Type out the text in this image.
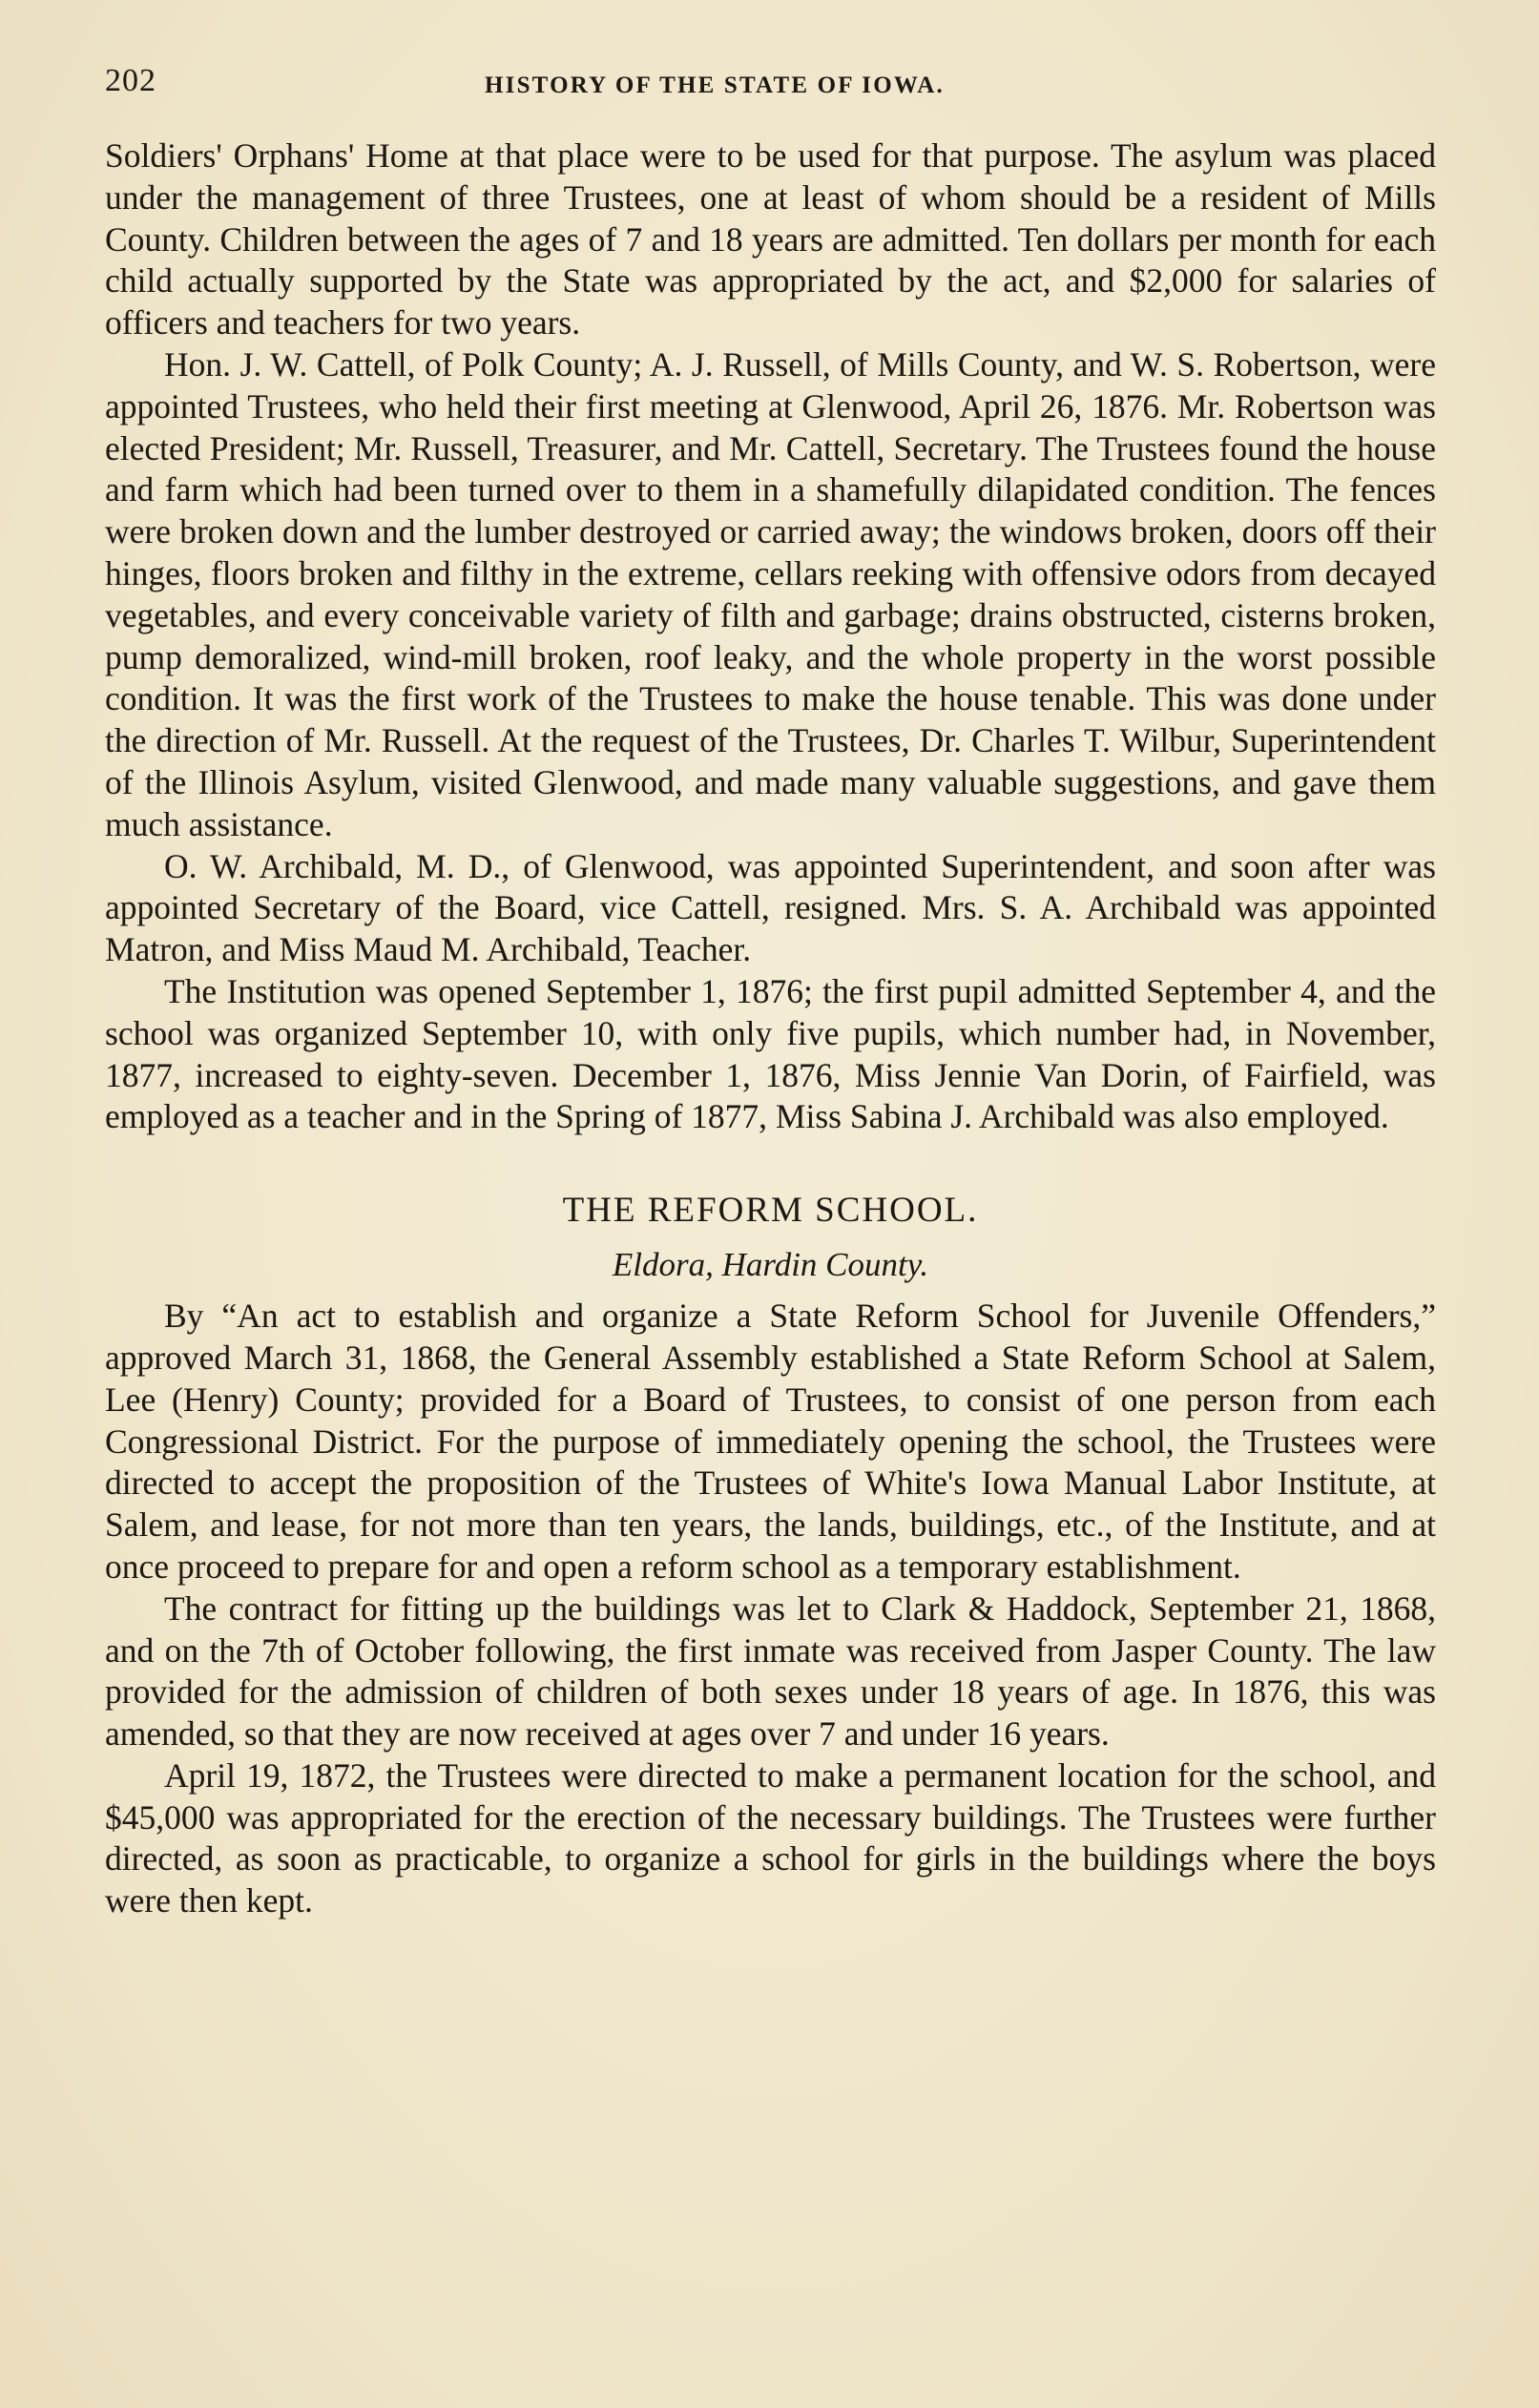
202	HISTORY OF THE STATE OF IOWA.

Soldiers' Orphans' Home at that place were to be used for that purpose. The asylum was placed under the management of three Trustees, one at least of whom should be a resident of Mills County. Children between the ages of 7 and 18 years are admitted. Ten dollars per month for each child actually supported by the State was appropriated by the act, and $2,000 for salaries of officers and teachers for two years.

Hon. J. W. Cattell, of Polk County; A. J. Russell, of Mills County, and W. S. Robertson, were appointed Trustees, who held their first meeting at Glenwood, April 26, 1876. Mr. Robertson was elected President; Mr. Russell, Treasurer, and Mr. Cattell, Secretary. The Trustees found the house and farm which had been turned over to them in a shamefully dilapidated condition. The fences were broken down and the lumber destroyed or carried away; the windows broken, doors off their hinges, floors broken and filthy in the extreme, cellars reeking with offensive odors from decayed vegetables, and every conceivable variety of filth and garbage; drains obstructed, cisterns broken, pump demoralized, wind-mill broken, roof leaky, and the whole property in the worst possible condition. It was the first work of the Trustees to make the house tenable. This was done under the direction of Mr. Russell. At the request of the Trustees, Dr. Charles T. Wilbur, Superintendent of the Illinois Asylum, visited Glenwood, and made many valuable suggestions, and gave them much assistance.

O. W. Archibald, M. D., of Glenwood, was appointed Superintendent, and soon after was appointed Secretary of the Board, vice Cattell, resigned. Mrs. S. A. Archibald was appointed Matron, and Miss Maud M. Archibald, Teacher.

The Institution was opened September 1, 1876; the first pupil admitted September 4, and the school was organized September 10, with only five pupils, which number had, in November, 1877, increased to eighty-seven. December 1, 1876, Miss Jennie Van Dorin, of Fairfield, was employed as a teacher and in the Spring of 1877, Miss Sabina J. Archibald was also employed.

THE REFORM SCHOOL.
Eldora, Hardin County.

By “An act to establish and organize a State Reform School for Juvenile Offenders,” approved March 31, 1868, the General Assembly established a State Reform School at Salem, Lee (Henry) County; provided for a Board of Trustees, to consist of one person from each Congressional District. For the purpose of immediately opening the school, the Trustees were directed to accept the proposition of the Trustees of White's Iowa Manual Labor Institute, at Salem, and lease, for not more than ten years, the lands, buildings, etc., of the Institute, and at once proceed to prepare for and open a reform school as a temporary establishment.

The contract for fitting up the buildings was let to Clark & Haddock, September 21, 1868, and on the 7th of October following, the first inmate was received from Jasper County. The law provided for the admission of children of both sexes under 18 years of age. In 1876, this was amended, so that they are now received at ages over 7 and under 16 years.

April 19, 1872, the Trustees were directed to make a permanent location for the school, and $45,000 was appropriated for the erection of the necessary buildings. The Trustees were further directed, as soon as practicable, to organize a school for girls in the buildings where the boys were then kept.
